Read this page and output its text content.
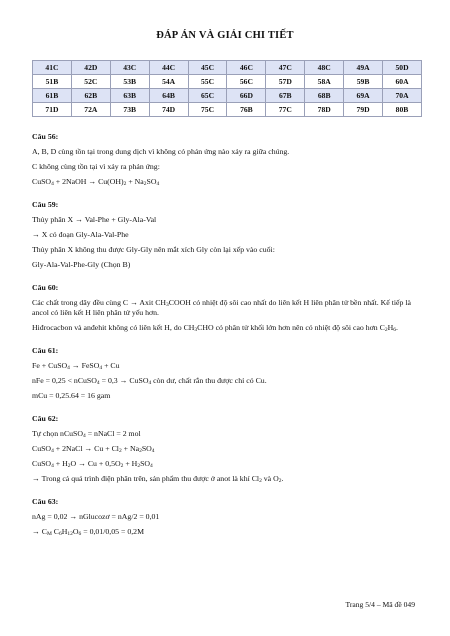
ĐÁP ÁN VÀ GIẢI CHI TIẾT
41C	42D	43C	44C	45C	46C	47C	48C	49A	50D
51B	52C	53B	54A	55C	56C	57D	58A	59B	60A
61B	62B	63B	64B	65C	66D	67B	68B	69A	70A
71D	72A	73B	74D	75C	76B	77C	78D	79D	80B
Câu 56:
A, B, D cùng tồn tại trong dung dịch vì không có phản ứng nào xảy ra giữa chúng.
C không cùng tồn tại vì xảy ra phản ứng:
CuSO$_4$ + 2NaOH → $Cu(OH)_2 + Na_2SO_4$
Câu 59:
Thủy phân X → Val-Phe + Gly-Ala-Val
→ X có đoạn Gly-Ala-Val-Phe
Thủy phân X không thu được Gly-Gly nên mắt xích Gly còn lại xếp vào cuối:
Gly-Ala-Val-Phe-Gly (Chọn B)
Câu 60:
Các chất trong dãy đều cùng C → Axit $CH_3COOH$ có nhiệt độ sôi cao nhất do liên kết H liên phân tử bền nhất. Kế tiếp là ancol có liên kết H liên phân tử yếu hơn.
Hiđrocacbon và anđehit không có liên kết H, do $CH_3CHO$ có phân tử khối lớn hơn nên có nhiệt độ sôi cao hơn $C_2H_6$.
Câu 61:
Fe + CuSO$_4$ → FeSO$_4$ + Cu
nFe = 0,25 < nCuSO$_4$ = 0,3 → CuSO$_4$ còn dư, chất rắn thu được chỉ có Cu.
mCu = 0,25.64 = 16 gam
Câu 62:
Tự chọn nCuSO$_4$ = nNaCl = 2 mol
CuSO$_4$ + 2NaCl → $Cu + Cl_2 + Na_2SO_4$
CuSO$_4$ + $H_2O \to Cu + 0,5O_2 + H_2SO_4$
→ Trong cả quá trình điện phân trên, sản phẩm thu được ở anot là khí $Cl_2$ và $O_2$.
Câu 63:
nAg = 0,02 → nGlucozơ = nAg/2 = 0,01
→ $C_M$ $C_6H_{12}O_6 = 0,01/0,05 = 0,2M$
Trang 5/4 – Mã đề 049
